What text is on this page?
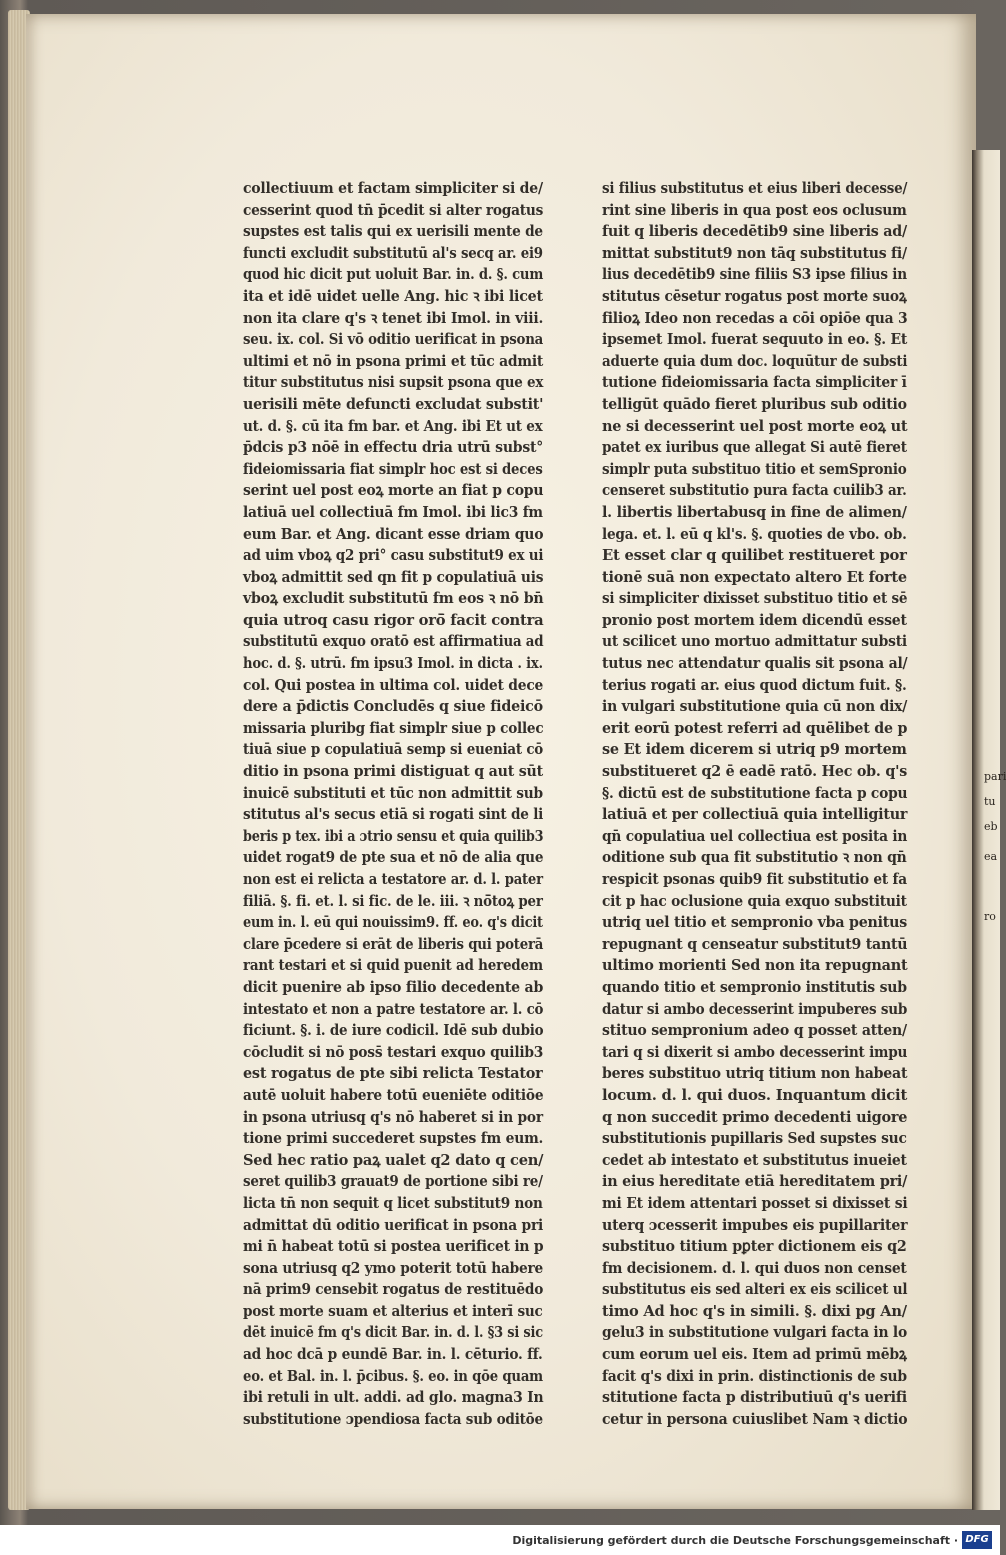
pari
tu
eb
ea
ro
collectiuum et factam simpliciter si de/
cesserint quod tn̄ p̄cedit si alter rogatus
supstes est talis qui ex uerisili mente de
functi excludit substitutū al's secq ar. ei9
quod hic dicit put uoluit Bar. in. d. §. cum
ita et idē uidet uelle Ang. hic ꝛ ibi licet
non ita clare q's ꝛ tenet ibi Imol. in viii.
seu. ix. col. Si vō oditio uerificat in psona
ultimi et nō in psona primi et tūc admit
titur substitutus nisi supsit psona que ex
uerisili mēte defuncti excludat substit'
ut. d. §. cū ita fm bar. et Ang. ibi Et ut ex
p̄dcis p3 nōē in effectu dria utrū subst°
fideiomissaria fiat simplr hoc est si deces
serint uel post eoꝝ morte an fiat p copu
latiuā uel collectiuā fm Imol. ibi lic3 fm
eum Bar. et Ang. dicant esse driam quo
ad uim vboꝝ q2 pri° casu substitut9 ex ui
vboꝝ admittit sed qn fit p copulatiuā uis
vboꝝ excludit substitutū fm eos ꝛ nō bn̄
quia utroq casu rigor orō̄ facit contra
substitutū exquo oratō est affirmatiua ad
hoc. d. §. utrū. fm ipsu3 Imol. in dicta . ix.
col. Qui postea in ultima col. uidet dece
dere a p̄dictis Concludēs q siue fideicō
missaria pluribg fiat simplr siue p collec
tiuā siue p copulatiuā semp si eueniat cō
ditio in psona primi distiguat q aut sūt
inuicē substituti et tūc non admittit sub
stitutus al's secus etiā si rogati sint de li
beris p tex. ibi a ɔtrio sensu et quia quilib3
uidet rogat9 de pte sua et nō de alia que
non est ei relicta a testatore ar. d. l. pater
filiā. §. fi. et. l. si fic. de le. iii. ꝛ nō̄toꝝ per
eum in. l. eū qui nouissim9. ff. eo. q's dicit
clare p̄cedere si erāt de liberis qui poterā
rant testari et si quid puenit ad heredem
dicit puenire ab ipso filio decedente ab
intestato et non a patre testatore ar. l. cō
ficiunt. §. i. de iure codicil. Idē sub dubio
cōcludit si nō poss̄ testari exquo quilib3
est rogatus de pte sibi relicta Testator
autē uoluit habere totū eueniēte oditiōe
in psona utriusq q's nō haberet si in por
tione primi succederet supstes fm eum.
Sed hec ratio paꝝ ualet q2 dato q cen/
seret quilib3 grauat9 de portione sibi re/
licta tn̄ non sequit q licet substitut9 non
admittat dū oditio uerificat in psona pri
mi n̄ habeat totū si postea uerificet in p
sona utriusq q2 ymo poterit totū habere
nā prim9 censebit rogatus de restituēdo
post morte suam et alterius et interī suc
dēt inuicē fm q's dicit Bar. in. d. l. §3 si sic
ad hoc dcā p eundē Bar. in. l. cēturio. ff.
eo. et Bal. in. l. p̄cibus. §. eo. in qōe quam
ibi retuli in ult. addi. ad glo. magna3 In
substitutione ɔpendiosa facta sub oditōe
si filius substitutus et eius liberi decesse/
rint sine liberis in qua post eos oclusum
fuit q liberis decedētib9 sine liberis ad/
mittat substitut9 non tāq substitutus fi/
lius decedētib9 sine filiis S3 ipse filius in
stitutus cēsetur rogatus post morte suoꝝ
filioꝝ Ideo non recedas a cōi opiōe qua 3
ipsemet Imol. fuerat sequuto in eo. §. Et
aduerte quia dum doc. loquūtur de substi
tutione fideiomissaria facta simpliciter ī
telligūt quādo fieret pluribus sub oditio
ne si decesserint uel post morte eoꝝ ut
patet ex iuribus que allegat Si autē fieret
simplr puta substituo titio et semSpronio
censeret substitutio pura facta cuilib3 ar.
l. libertis libertabusq in fine de alimen/
lega. et. l. eū q kl's. §. quoties de vbo. ob.
Et esset clar q quilibet restitueret por
tionē suā non expectato altero Et forte
si simpliciter dixisset substituo titio et sē
pronio post mortem idem dicendū esset
ut scilicet uno mortuo admittatur substi
tutus nec attendatur qualis sit psona al/
terius rogati ar. eius quod dictum fuit. §.
in vulgari substitutione quia cū non dix/
erit eorū potest referri ad quēlibet de p
se Et idem dicerem si utriq p9 mortem
substitueret q2 ē eadē ratō. Hec ob. q's
§. dictū est de substitutione facta p copu
latiuā et per collectiuā quia intelligitur
qn̄ copulatiua uel collectiua est posita in
oditione sub qua fit substitutio ꝛ non qn̄
respicit psonas quib9 fit substitutio et fa
cit p hac oclusione quia exquo substituit
utriq uel titio et sempronio vba penitus
repugnant q censeatur substitut9 tantū
ultimo morienti Sed non ita repugnant
quando titio et sempronio institutis sub
datur si ambo decesserint impuberes sub
stituo sempronium adeo q posset atten/
tari q si dixerit si ambo decesserint impu
beres substituo utriq titium non habeat
locum. d. l. qui duos. Inquantum dicit
q non succedit primo decedenti uigore
substitutionis pupillaris Sed supstes suc
cedet ab intestato et substitutus inueiet
in eius hereditate etiā hereditatem pri/
mi Et idem attentari posset si dixisset si
uterq ɔcesserit impubes eis pupillariter
substituo titium pꝑter dictionem eis q2
fm decisionem. d. l. qui duos non censet
substitutus eis sed alteri ex eis scilicet ul
timo Ad hoc q's in simili. §. dixi pg An/
gelu3 in substitutione vulgari facta in lo
cum eorum uel eis. Item ad primū mēbꝝ
facit q's dixi in prin. distinctionis de sub
stitutione facta p distributiuū q's uerifi
cetur in persona cuiuslibet Nam ꝛ dictio
Digitalisierung gefördert durch die Deutsche Forschungsgemeinschaft · DFG
